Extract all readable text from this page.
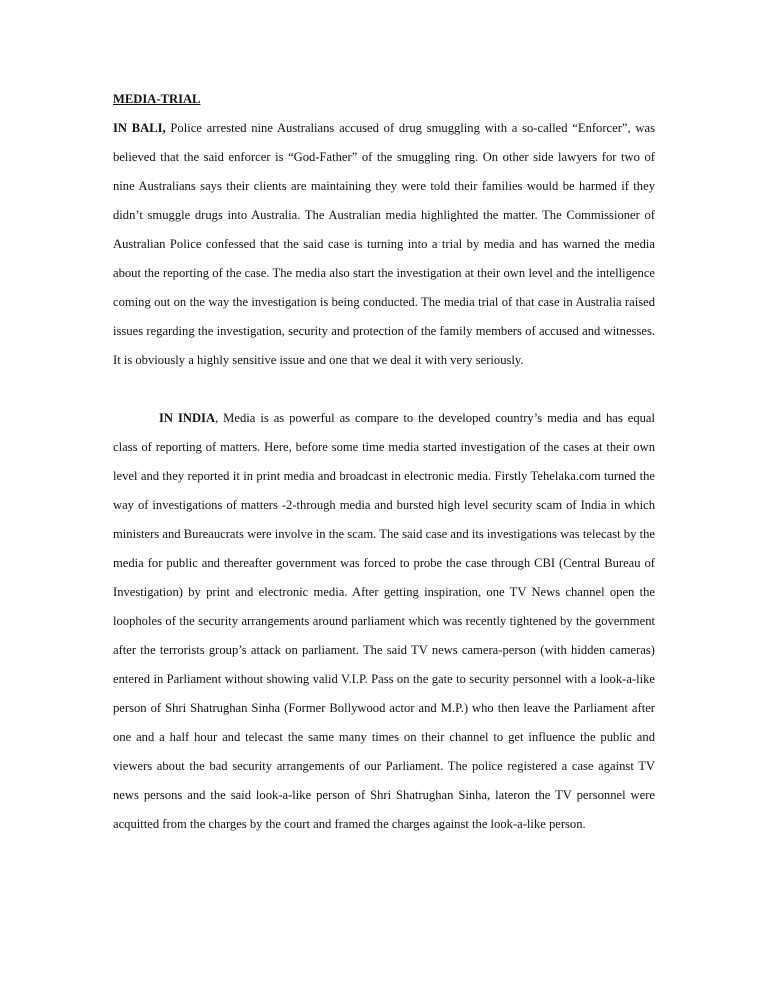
MEDIA-TRIAL

IN BALI, Police arrested nine Australians accused of drug smuggling with a so-called “Enforcer”, was believed that the said enforcer is “God-Father” of the smuggling ring. On other side lawyers for two of nine Australians says their clients are maintaining they were told their families would be harmed if they didn’t smuggle drugs into Australia. The Australian media highlighted the matter. The Commissioner of Australian Police confessed that the said case is turning into a trial by media and has warned the media about the reporting of the case. The media also start the investigation at their own level and the intelligence coming out on the way the investigation is being conducted. The media trial of that case in Australia raised issues regarding the investigation, security and protection of the family members of accused and witnesses. It is obviously a highly sensitive issue and one that we deal it with very seriously.

IN INDIA, Media is as powerful as compare to the developed country’s media and has equal class of reporting of matters. Here, before some time media started investigation of the cases at their own level and they reported it in print media and broadcast in electronic media. Firstly Tehelaka.com turned the way of investigations of matters -2-through media and bursted high level security scam of India in which ministers and Bureaucrats were involve in the scam. The said case and its investigations was telecast by the media for public and thereafter government was forced to probe the case through CBI (Central Bureau of Investigation) by print and electronic media. After getting inspiration, one TV News channel open the loopholes of the security arrangements around parliament which was recently tightened by the government after the terrorists group’s attack on parliament. The said TV news camera-person (with hidden cameras) entered in Parliament without showing valid V.I.P. Pass on the gate to security personnel with a look-a-like person of Shri Shatrughan Sinha (Former Bollywood actor and M.P.) who then leave the Parliament after one and a half hour and telecast the same many times on their channel to get influence the public and viewers about the bad security arrangements of our Parliament. The police registered a case against TV news persons and the said look-a-like person of Shri Shatrughan Sinha, lateron the TV personnel were acquitted from the charges by the court and framed the charges against the look-a-like person.
